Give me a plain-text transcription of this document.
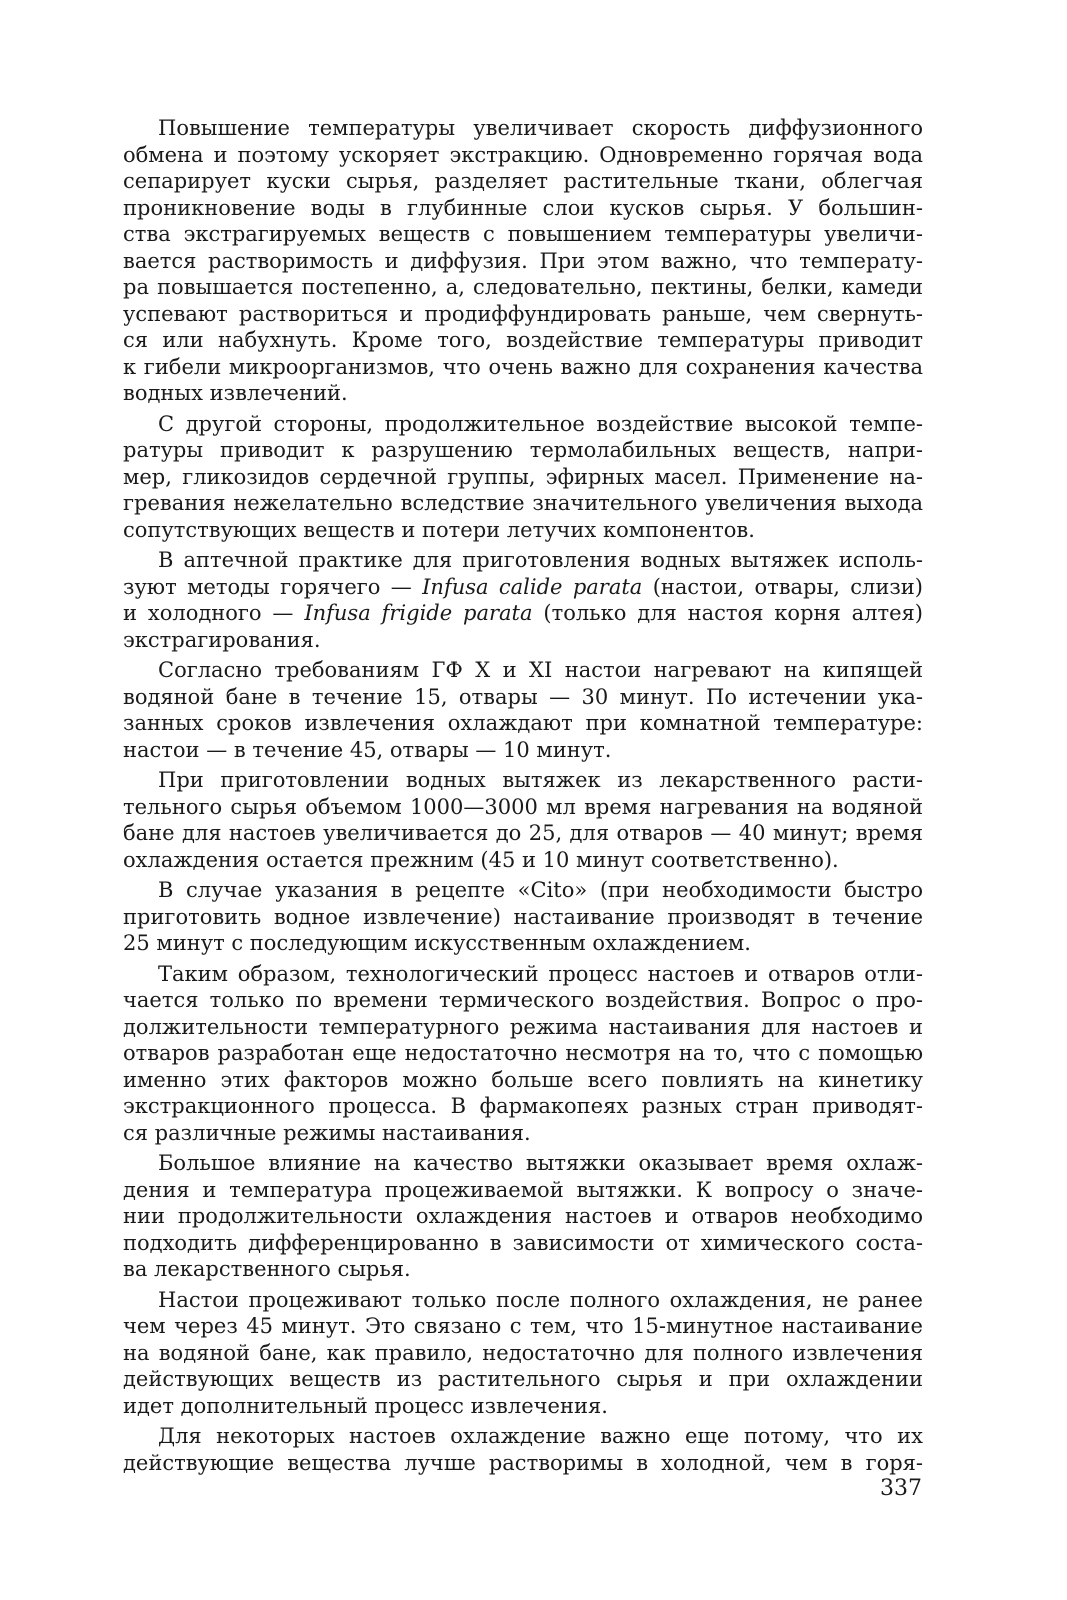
Повышение температуры увеличивает скорость диффузионного
обмена и поэтому ускоряет экстракцию. Одновременно горячая вода
сепарирует куски сырья, разделяет растительные ткани, облегчая
проникновение воды в глубинные слои кусков сырья. У большин-
ства экстрагируемых веществ с повышением температуры увеличи-
вается растворимость и диффузия. При этом важно, что температу-
ра повышается постепенно, а, следовательно, пектины, белки, камеди
успевают раствориться и продиффундировать раньше, чем свернуть-
ся или набухнуть. Кроме того, воздействие температуры приводит
к гибели микроорганизмов, что очень важно для сохранения качества
водных извлечений.
С другой стороны, продолжительное воздействие высокой темпе-
ратуры приводит к разрушению термолабильных веществ, напри-
мер, гликозидов сердечной группы, эфирных масел. Применение на-
гревания нежелательно вследствие значительного увеличения выхода
сопутствующих веществ и потери летучих компонентов.
В аптечной практике для приготовления водных вытяжек исполь-
зуют методы горячего — Infusa calide parata (настои, отвары, слизи)
и холодного — Infusa frigide parata (только для настоя корня алтея)
экстрагирования.
Согласно требованиям ГФ X и XI настои нагревают на кипящей
водяной бане в течение 15, отвары — 30 минут. По истечении ука-
занных сроков извлечения охлаждают при комнатной температуре:
настои — в течение 45, отвары — 10 минут.
При приготовлении водных вытяжек из лекарственного расти-
тельного сырья объемом 1000—3000 мл время нагревания на водяной
бане для настоев увеличивается до 25, для отваров — 40 минут; время
охлаждения остается прежним (45 и 10 минут соответственно).
В случае указания в рецепте «Cito» (при необходимости быстро
приготовить водное извлечение) настаивание производят в течение
25 минут с последующим искусственным охлаждением.
Таким образом, технологический процесс настоев и отваров отли-
чается только по времени термического воздействия. Вопрос о про-
должительности температурного режима настаивания для настоев и
отваров разработан еще недостаточно несмотря на то, что с помощью
именно этих факторов можно больше всего повлиять на кинетику
экстракционного процесса. В фармакопеях разных стран приводят-
ся различные режимы настаивания.
Большое влияние на качество вытяжки оказывает время охлаж-
дения и температура процеживаемой вытяжки. К вопросу о значе-
нии продолжительности охлаждения настоев и отваров необходимо
подходить дифференцированно в зависимости от химического соста-
ва лекарственного сырья.
Настои процеживают только после полного охлаждения, не ранее
чем через 45 минут. Это связано с тем, что 15-минутное настаивание
на водяной бане, как правило, недостаточно для полного извлечения
действующих веществ из растительного сырья и при охлаждении
идет дополнительный процесс извлечения.
Для некоторых настоев охлаждение важно еще потому, что их
действующие вещества лучше растворимы в холодной, чем в горя-
337
